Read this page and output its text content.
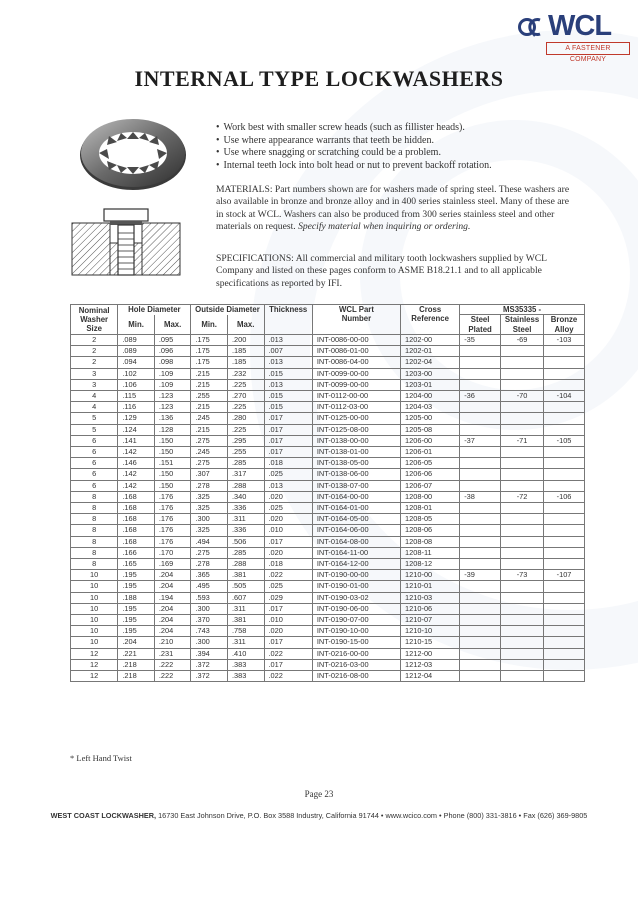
WCL
A FASTENER COMPANY
INTERNAL TYPE LOCKWASHERS
• Work best with smaller screw heads (such as fillister heads).
• Use where appearance warrants that teeth be hidden.
• Use where snagging or scratching could be a problem.
• Internal teeth lock into bolt head or nut to prevent backoff rotation.

MATERIALS: Part numbers shown are for washers made of spring steel. These washers are also available in bronze and bronze alloy and in 400 series stainless steel. Many of these are in stock at WCL. Washers can also be produced from 300 series stainless steel and other materials on request. Specify material when inquiring or ordering.

SPECIFICATIONS: All commercial and military tooth lockwashers supplied by WCL Company and listed on these pages conform to ASME B18.21.1 and to all applicable specifications as reported by IFI.

Nominal
Washer
Size	Hole Diameter		Outside Diameter		Thickness	WCL Part
Number	Cross
Reference	MS35335 -		
								Steel
Plated	Stainless
Steel	Bronze
Alloy
	Min.	Max.	Min.	Max.						
2	.089	.095	.175	.200	.013	INT-0086-00-00	1202-00	-35	-69	-103
2	.089	.096	.175	.185	.007	INT-0086-01-00	1202-01			
2	.094	.098	.175	.185	.013	INT-0086-04-00	1202-04			
3	.102	.109	.215	.232	.015	INT-0099-00-00	1203-00			
3	.106	.109	.215	.225	.013	INT-0099-00-00	1203-01			
4	.115	.123	.255	.270	.015	INT-0112-00-00	1204-00	-36	-70	-104
4	.116	.123	.215	.225	.015	INT-0112-03-00	1204-03			
5	.129	.136	.245	.280	.017	INT-0125-00-00	1205-00			
5	.124	.128	.215	.225	.017	INT-0125-08-00	1205-08			
6	.141	.150	.275	.295	.017	INT-0138-00-00	1206-00	-37	-71	-105
6	.142	.150	.245	.255	.017	INT-0138-01-00	1206-01			
6	.146	.151	.275	.285	.018	INT-0138-05-00	1206-05			
6	.142	.150	.307	.317	.025	INT-0138-06-00	1206-06			
6	.142	.150	.278	.288	.013	INT-0138-07-00	1206-07			
8	.168	.176	.325	.340	.020	INT-0164-00-00	1208-00	-38	-72	-106
8	.168	.176	.325	.336	.025	INT-0164-01-00	1208-01			
8	.168	.176	.300	.311	.020	INT-0164-05-00	1208-05			
8	.168	.176	.325	.336	.010	INT-0164-06-00	1208-06			
8	.168	.176	.494	.506	.017	INT-0164-08-00	1208-08			
8	.166	.170	.275	.285	.020	INT-0164-11-00	1208-11			
8	.165	.169	.278	.288	.018	INT-0164-12-00	1208-12			
10	.195	.204	.365	.381	.022	INT-0190-00-00	1210-00	-39	-73	-107
10	.195	.204	.495	.505	.025	INT-0190-01-00	1210-01			
10	.188	.194	.593	.607	.029	INT-0190-03-02	1210-03			
10	.195	.204	.300	.311	.017	INT-0190-06-00	1210-06			
10	.195	.204	.370	.381	.010	INT-0190-07-00	1210-07			
10	.195	.204	.743	.758	.020	INT-0190-10-00	1210-10			
10	.204	.210	.300	.311	.017	INT-0190-15-00	1210-15			
12	.221	.231	.394	.410	.022	INT-0216-00-00	1212-00			
12	.218	.222	.372	.383	.017	INT-0216-03-00	1212-03			
12	.218	.222	.372	.383	.022	INT-0216-08-00	1212-04			
* Left Hand Twist
Page 23
WEST COAST LOCKWASHER, 16730 East Johnson Drive, P.O. Box 3588 Industry, California 91744 • www.wcico.com • Phone (800) 331-3816 • Fax (626) 369-9805
